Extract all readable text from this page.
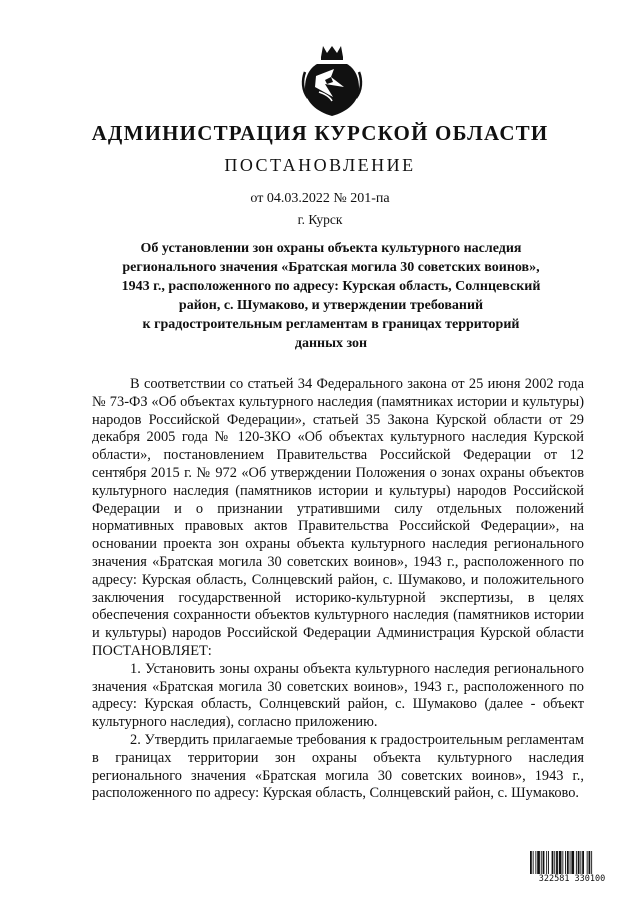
АДМИНИСТРАЦИЯ КУРСКОЙ ОБЛАСТИ
ПОСТАНОВЛЕНИЕ
от 04.03.2022 № 201-па
г. Курск
Об установлении зон охраны объекта культурного наследия
регионального значения «Братская могила 30 советских воинов»,
1943 г., расположенного по адресу: Курская область, Солнцевский
район, с. Шумаково, и утверждении требований
к градостроительным регламентам в границах территорий
данных зон

В соответствии со статьей 34 Федерального закона от 25 июня 2002 года № 73-ФЗ «Об объектах культурного наследия (памятниках истории и культуры) народов Российской Федерации», статьей 35 Закона Курской области от 29 декабря 2005 года № 120-ЗКО «Об объектах культурного наследия Курской области», постановлением Правительства Российской Федерации от 12 сентября 2015 г. № 972 «Об утверждении Положения о зонах охраны объектов культурного наследия (памятников истории и культуры) народов Российской Федерации и о признании утратившими силу отдельных положений нормативных правовых актов Правительства Российской Федерации», на основании проекта зон охраны объекта культурного наследия регионального значения «Братская могила 30 советских воинов», 1943 г., расположенного по адресу: Курская область, Солнцевский район, с. Шумаково, и положительного заключения государственной историко-культурной экспертизы, в целях обеспечения сохранности объектов культурного наследия (памятников истории и культуры) народов Российской Федерации Администрация Курской области ПОСТАНОВЛЯЕТ:

1. Установить зоны охраны объекта культурного наследия регионального значения «Братская могила 30 советских воинов», 1943 г., расположенного по адресу: Курская область, Солнцевский район, с. Шумаково (далее - объект культурного наследия), согласно приложению.

2. Утвердить прилагаемые требования к градостроительным регламентам в границах территории зон охраны объекта культурного наследия регионального значения «Братская могила 30 советских воинов», 1943 г., расположенного по адресу: Курская область, Солнцевский район, с. Шумаково.

322581 330100
